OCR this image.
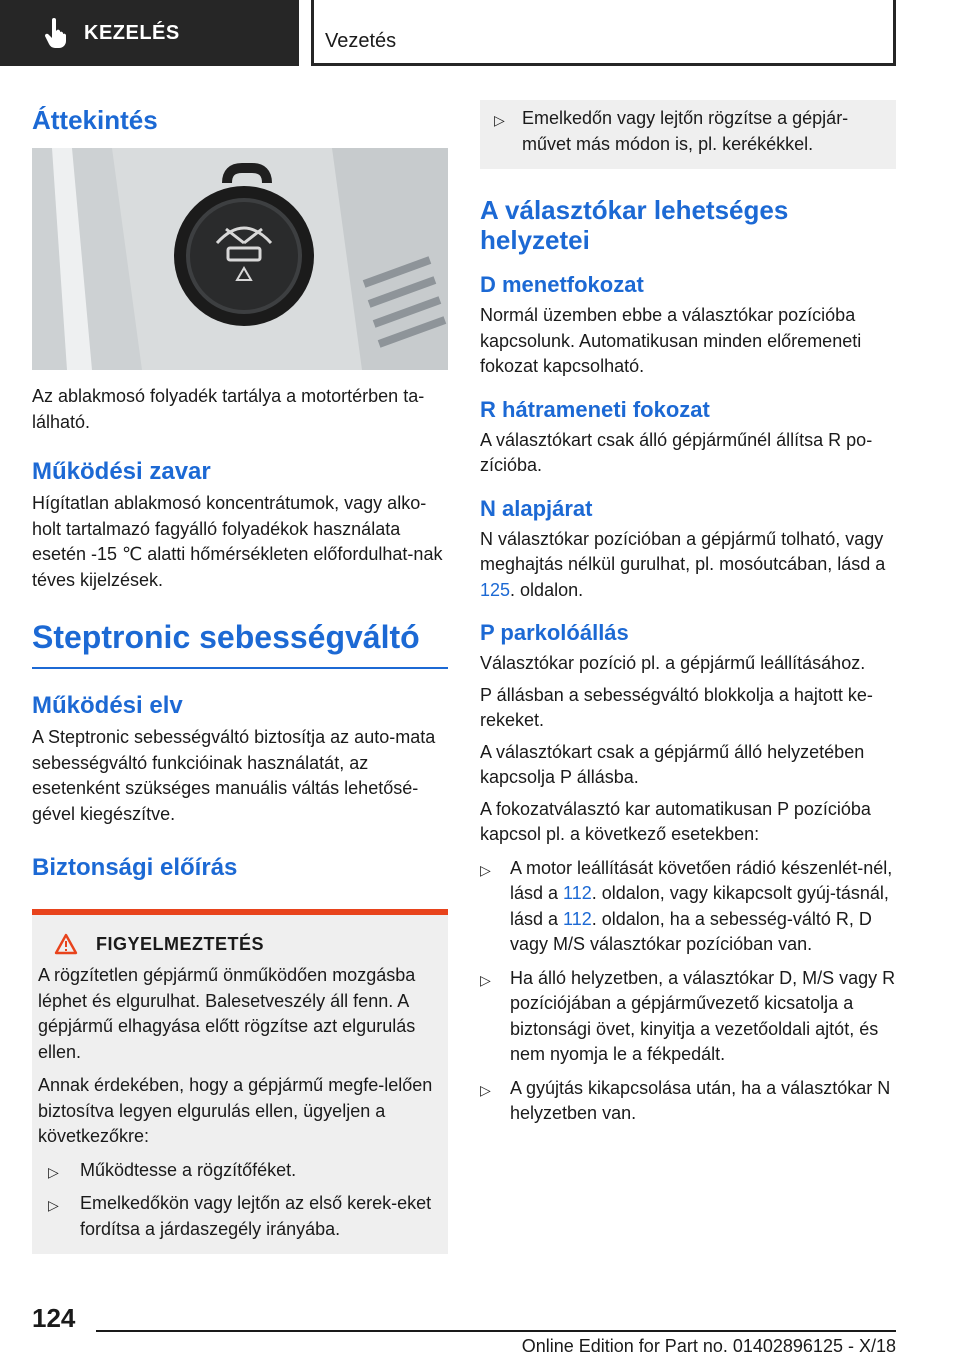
KEZELÉS	Vezetés
Áttekintés

Az ablakmosó folyadék tartálya a motortérben ta-lálható.

Működési zavar

Hígítatlan ablakmosó koncentrátumok, vagy alko-holt tartalmazó fagyálló folyadékok használata esetén -15 ℃ alatti hőmérsékleten előfordulhat-nak téves kijelzések.

Steptronic sebességváltó
Működési elv

A Steptronic sebességváltó biztosítja az auto-mata sebességváltó funkcióinak használatát, az esetenként szükséges manuális váltás lehetősé-gével kiegészítve.

Biztonsági előírás
FIGYELMEZTETÉS

A rögzítetlen gépjármű önműködően mozgásba léphet és elgurulhat. Balesetveszély áll fenn. A gépjármű elhagyása előtt rögzítse azt elgurulás ellen.

Annak érdekében, hogy a gépjármű megfe-lelően biztosítva legyen elgurulás ellen, ügyeljen a következőkre:

▷ Működtesse a rögzítőféket.
▷ Emelkedőkön vagy lejtőn az első kerek-eket fordítsa a járdaszegély irányába.
▷ Emelkedőn vagy lejtőn rögzítse a gépjár-művet más módon is, pl. kerékékkel.
A választókar lehetséges helyzetei
D menetfokozat

Normál üzemben ebbe a választókar pozícióba kapcsolunk. Automatikusan minden előremeneti fokozat kapcsolható.

R hátrameneti fokozat

A választókart csak álló gépjárműnél állítsa R po-zícióba.

N alapjárat

N választókar pozícióban a gépjármű tolható, vagy meghajtás nélkül gurulhat, pl. mosóutcában, lásd a 125. oldalon.

P parkolóállás

Választókar pozíció pl. a gépjármű leállításához.

P állásban a sebességváltó blokkolja a hajtott ke-rekeket.

A választókart csak a gépjármű álló helyzetében kapcsolja P állásba.

A fokozatválasztó kar automatikusan P pozícióba kapcsol pl. a következő esetekben:

▷ A motor leállítását követően rádió készenlét-nél, lásd a 112. oldalon, vagy kikapcsolt gyúj-tásnál, lásd a 112. oldalon, ha a sebesség-váltó R, D vagy M/S választókar pozícióban van.
▷ Ha álló helyzetben, a választókar D, M/S vagy R pozíciójában a gépjárművezető kicsatolja a biztonsági övet, kinyitja a vezetőoldali ajtót, és nem nyomja le a fékpedált.
▷ A gyújtás kikapcsolása után, ha a választókar N helyzetben van.
124
Online Edition for Part no. 01402896125 - X/18
